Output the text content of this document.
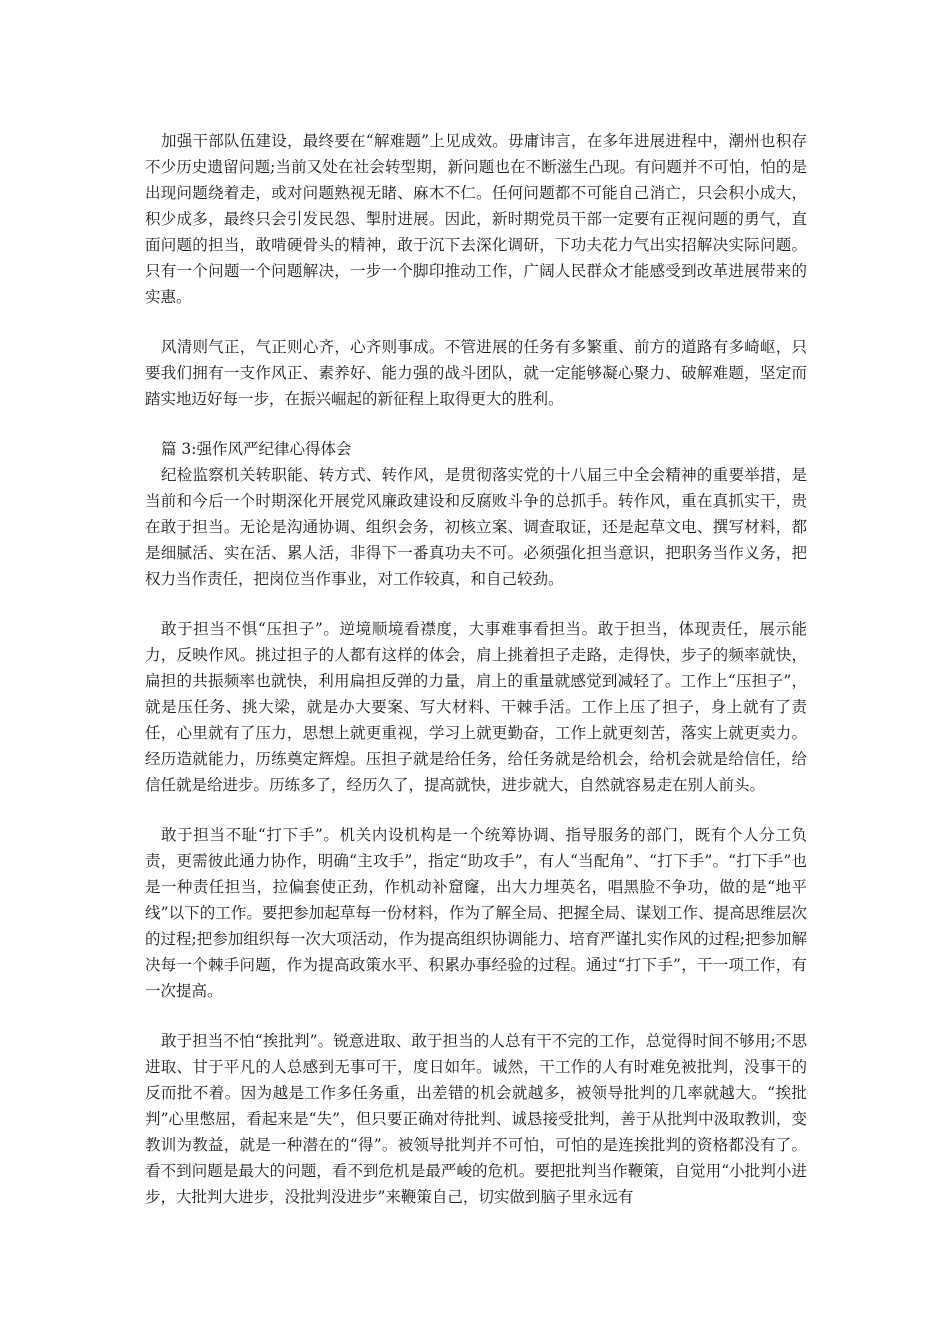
加强干部队伍建设，最终要在“解难题”上见成效。毋庸讳言，在多年进展进程中，潮州也积存不少历史遗留问题;当前又处在社会转型期，新问题也在不断滋生凸现。有问题并不可怕，怕的是出现问题绕着走，或对问题熟视无睹、麻木不仁。任何问题都不可能自己消亡，只会积小成大，积少成多，最终只会引发民怨、掣肘进展。因此，新时期党员干部一定要有正视问题的勇气，直面问题的担当，敢啃硬骨头的精神，敢于沉下去深化调研，下功夫花力气出实招解决实际问题。只有一个问题一个问题解决，一步一个脚印推动工作，广阔人民群众才能感受到改革进展带来的实惠。

风清则气正，气正则心齐，心齐则事成。不管进展的任务有多繁重、前方的道路有多崎岖，只要我们拥有一支作风正、素养好、能力强的战斗团队，就一定能够凝心聚力、破解难题，坚定而踏实地迈好每一步，在振兴崛起的新征程上取得更大的胜利。

篇 3:强作风严纪律心得体会

纪检监察机关转职能、转方式、转作风，是贯彻落实党的十八届三中全会精神的重要举措，是当前和今后一个时期深化开展党风廉政建设和反腐败斗争的总抓手。转作风，重在真抓实干，贵在敢于担当。无论是沟通协调、组织会务，初核立案、调查取证，还是起草文电、撰写材料，都是细腻活、实在活、累人活，非得下一番真功夫不可。必须强化担当意识，把职务当作义务，把权力当作责任，把岗位当作事业，对工作较真，和自己较劲。

敢于担当不惧“压担子”。逆境顺境看襟度，大事难事看担当。敢于担当，体现责任，展示能力，反映作风。挑过担子的人都有这样的体会，肩上挑着担子走路，走得快，步子的频率就快，扁担的共振频率也就快，利用扁担反弹的力量，肩上的重量就感觉到减轻了。工作上“压担子”，就是压任务、挑大梁，就是办大要案、写大材料、干棘手活。工作上压了担子，身上就有了责任，心里就有了压力，思想上就更重视，学习上就更勤奋，工作上就更刻苦，落实上就更卖力。经历造就能力，历练奠定辉煌。压担子就是给任务，给任务就是给机会，给机会就是给信任，给信任就是给进步。历练多了，经历久了，提高就快，进步就大，自然就容易走在别人前头。

敢于担当不耻“打下手”。机关内设机构是一个统筹协调、指导服务的部门，既有个人分工负责，更需彼此通力协作，明确“主攻手”，指定“助攻手”，有人“当配角”、“打下手”。“打下手”也是一种责任担当，拉偏套使正劲，作机动补窟窿，出大力埋英名，唱黑脸不争功，做的是“地平线”以下的工作。要把参加起草每一份材料，作为了解全局、把握全局、谋划工作、提高思维层次的过程;把参加组织每一次大项活动，作为提高组织协调能力、培育严谨扎实作风的过程;把参加解决每一个棘手问题，作为提高政策水平、积累办事经验的过程。通过“打下手”，干一项工作，有一次提高。

敢于担当不怕“挨批判”。锐意进取、敢于担当的人总有干不完的工作，总觉得时间不够用;不思进取、甘于平凡的人总感到无事可干，度日如年。诚然，干工作的人有时难免被批判，没事干的反而批不着。因为越是工作多任务重，出差错的机会就越多，被领导批判的几率就越大。“挨批判”心里憋屈，看起来是“失”，但只要正确对待批判、诚恳接受批判，善于从批判中汲取教训，变教训为教益，就是一种潜在的“得”。被领导批判并不可怕，可怕的是连挨批判的资格都没有了。看不到问题是最大的问题，看不到危机是最严峻的危机。要把批判当作鞭策，自觉用“小批判小进步，大批判大进步，没批判没进步”来鞭策自己，切实做到脑子里永远有
